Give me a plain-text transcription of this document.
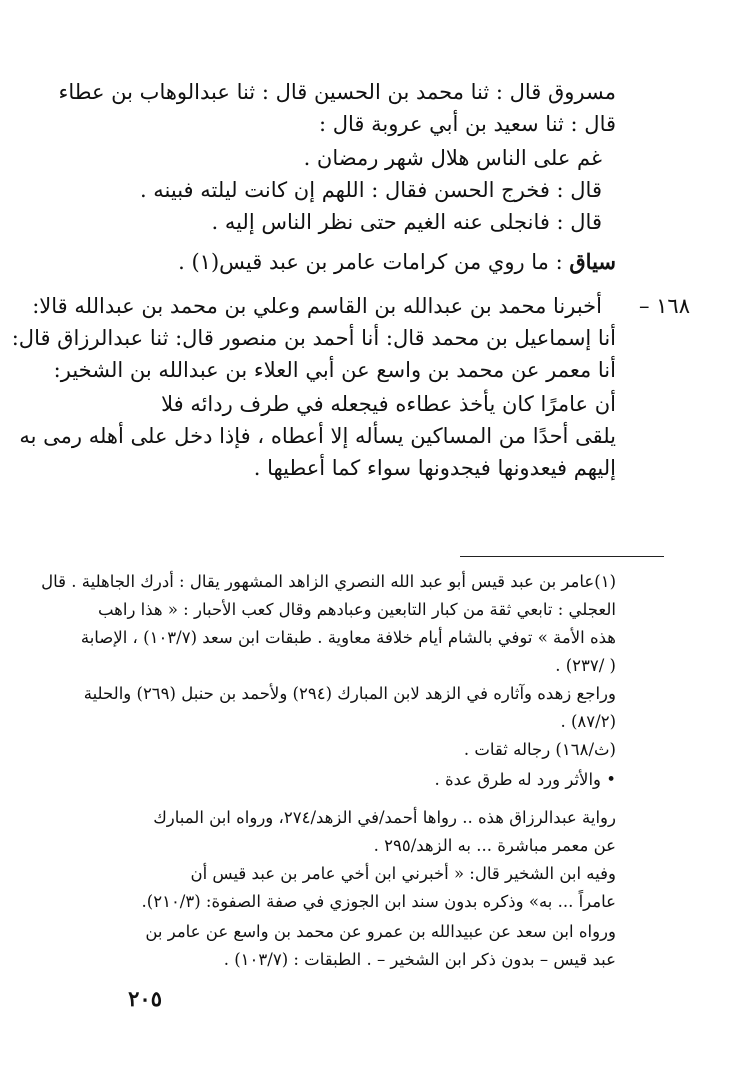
مسروق قال : ثنا محمد بن الحسين قال : ثنا عبدالوهاب بن عطاء
قال : ثنا سعيد بن أبي عروبة قال :
غم على الناس هلال شهر رمضان .
قال : فخرج الحسن فقال : اللهم إن كانت ليلته فبينه .
قال : فانجلى عنه الغيم حتى نظر الناس إليه .
سياق : ما روي من كرامات عامر بن عبد قيس(١) .
١٦٨ –
أخبرنا محمد بن عبدالله بن القاسم وعلي بن محمد بن عبدالله قالا:
أنا إسماعيل بن محمد قال: أنا أحمد بن منصور قال: ثنا عبدالرزاق قال:
أنا معمر عن محمد بن واسع عن أبي العلاء بن عبدالله بن الشخير:
أن عامرًا كان يأخذ عطاءه فيجعله في طرف ردائه فلا
يلقى أحدًا من المساكين يسأله إلا أعطاه ، فإذا دخل على أهله رمى به
إليهم فيعدونها فيجدونها سواء كما أعطيها .
(١)عامر بن عبد قيس أبو عبد الله النصري الزاهد المشهور يقال : أدرك الجاهلية . قال
العجلي : تابعي ثقة من كبار التابعين وعبادهم وقال كعب الأحبار : « هذا راهب
هذه الأمة » توفي بالشام أيام خلافة معاوية . طبقات ابن سعد (١٠٣/٧) ، الإصابة
( /٢٣٧) .
وراجع زهده وآثاره في الزهد لابن المبارك (٢٩٤) ولأحمد بن حنبل (٢٦٩) والحلية
(٨٧/٢) .
(ث/١٦٨) رجاله ثقات .
• والأثر ورد له طرق عدة .
رواية عبدالرزاق هذه .. رواها أحمد/في الزهد/٢٧٤، ورواه ابن المبارك
عن معمر مباشرة ... به الزهد/٢٩٥ .
وفيه ابن الشخير قال: « أخبرني ابن أخي عامر بن عبد قيس أن
عامراً ... به» وذكره بدون سند ابن الجوزي في صفة الصفوة: (٢١٠/٣).
ورواه ابن سعد عن عبيدالله بن عمرو عن محمد بن واسع عن عامر بن
عبد قيس – بدون ذكر ابن الشخير – . الطبقات : (١٠٣/٧) .
٢٠٥
